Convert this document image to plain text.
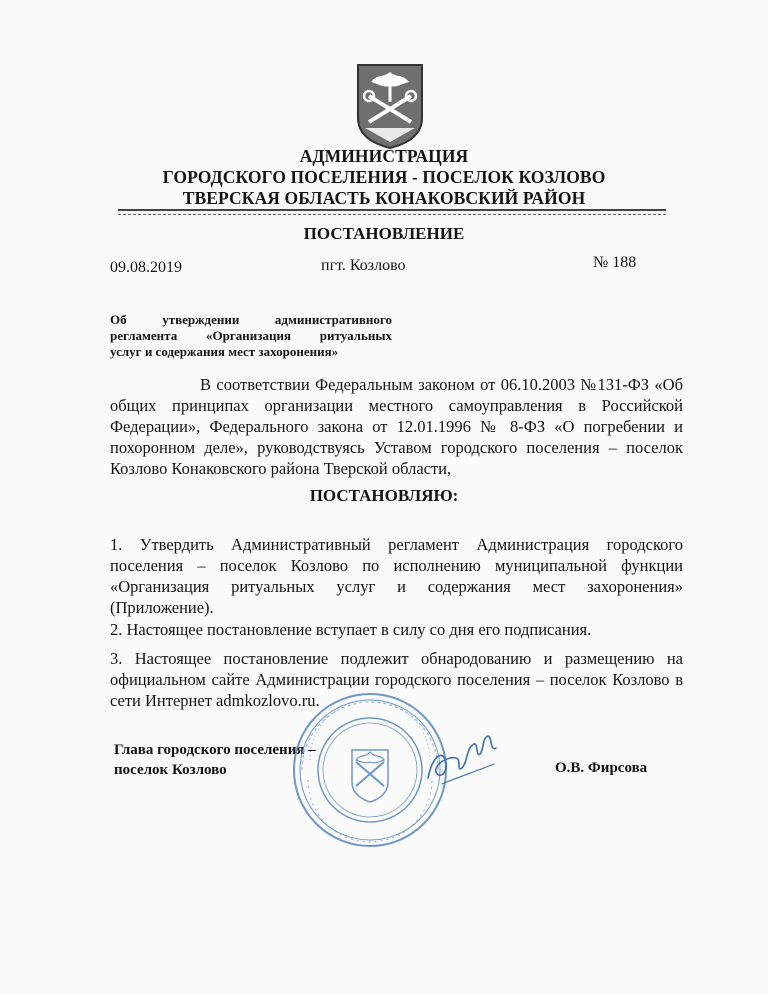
АДМИНИСТРАЦИЯ
ГОРОДСКОГО ПОСЕЛЕНИЯ - ПОСЕЛОК КОЗЛОВО
ТВЕРСКАЯ ОБЛАСТЬ КОНАКОВСКИЙ РАЙОН
ПОСТАНОВЛЕНИЕ
09.08.2019	пгт. Козлово	№ 188
Об утверждении административного
регламента «Организация ритуальных
услуг и содержания мест захоронения»
В соответствии Федеральным законом от 06.10.2003 №131-ФЗ «Об
общих принципах организации местного самоуправления в Российской
Федерации», Федерального закона от 12.01.1996 № 8-ФЗ «О погребении и
похоронном деле», руководствуясь Уставом городского поселения – поселок
Козлово Конаковского района Тверской области,
ПОСТАНОВЛЯЮ:
1. Утвердить Административный регламент Администрация городского
поселения – поселок Козлово по исполнению муниципальной функции
«Организация ритуальных услуг и содержания мест захоронения»
(Приложение).
2. Настоящее постановление вступает в силу со дня его подписания.
3. Настоящее постановление подлежит обнародованию и размещению на
официальном сайте Администрации городского поселения – поселок Козлово в
сети Интернет admkozlovo.ru.
Глава городского поселения –
поселок Козлово	О.В. Фирсова
